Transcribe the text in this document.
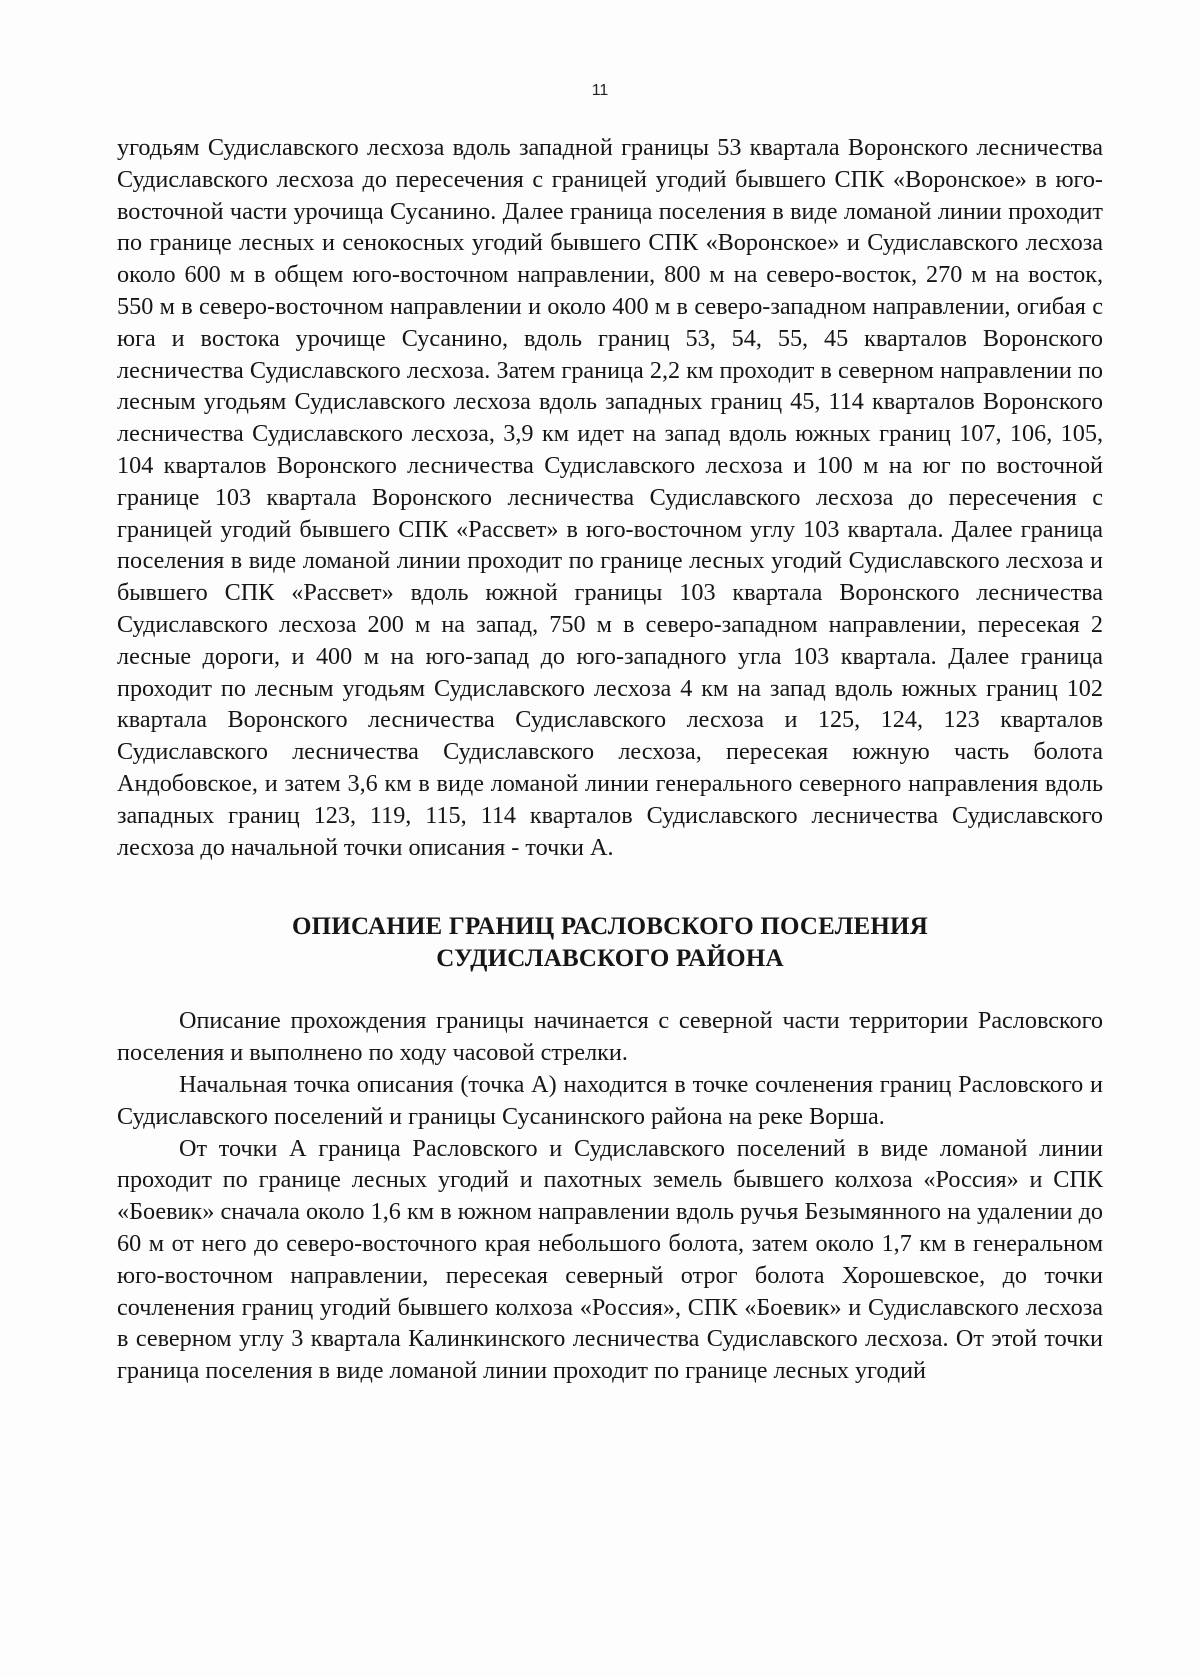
11

угодьям Судиславского лесхоза вдоль западной границы 53 квартала Воронского лесничества Судиславского лесхоза до пересечения с границей угодий бывшего СПК «Воронское» в юго-восточной части урочища Сусанино. Далее граница поселения в виде ломаной линии проходит по границе лесных и сенокосных угодий бывшего СПК «Воронское» и Судиславского лесхоза около 600 м в общем юго-восточном направлении, 800 м на северо-восток, 270 м на восток, 550 м в северо-восточном направлении и около 400 м в северо-западном направлении, огибая с юга и востока урочище Сусанино, вдоль границ 53, 54, 55, 45 кварталов Воронского лесничества Судиславского лесхоза. Затем граница 2,2 км проходит в северном направлении по лесным угодьям Судиславского лесхоза вдоль западных границ 45, 114 кварталов Воронского лесничества Судиславского лесхоза, 3,9 км идет на запад вдоль южных границ 107, 106, 105, 104 кварталов Воронского лесничества Судиславского лесхоза и 100 м на юг по восточной границе 103 квартала Воронского лесничества Судиславского лесхоза до пересечения с границей угодий бывшего СПК «Рассвет» в юго-восточном углу 103 квартала. Далее граница поселения в виде ломаной линии проходит по границе лесных угодий Судиславского лесхоза и бывшего СПК «Рассвет» вдоль южной границы 103 квартала Воронского лесничества Судиславского лесхоза 200 м на запад, 750 м в северо-западном направлении, пересекая 2 лесные дороги, и 400 м на юго-запад до юго-западного угла 103 квартала. Далее граница проходит по лесным угодьям Судиславского лесхоза 4 км на запад вдоль южных границ 102 квартала Воронского лесничества Судиславского лесхоза и 125, 124, 123 кварталов Судиславского лесничества Судиславского лесхоза, пересекая южную часть болота Андобовское, и затем 3,6 км в виде ломаной линии генерального северного направления вдоль западных границ 123, 119, 115, 114 кварталов Судиславского лесничества Судиславского лесхоза до начальной точки описания - точки А.

ОПИСАНИЕ ГРАНИЦ РАСЛОВСКОГО ПОСЕЛЕНИЯ
СУДИСЛАВСКОГО РАЙОНА

Описание прохождения границы начинается с северной части территории Расловского поселения и выполнено по ходу часовой стрелки.

Начальная точка описания (точка А) находится в точке сочленения границ Расловского и Судиславского поселений и границы Сусанинского района на реке Ворша.

От точки А граница Расловского и Судиславского поселений в виде ломаной линии проходит по границе лесных угодий и пахотных земель бывшего колхоза «Россия» и СПК «Боевик» сначала около 1,6 км в южном направлении вдоль ручья Безымянного на удалении до 60 м от него до северо-восточного края небольшого болота, затем около 1,7 км в генеральном юго-восточном направлении, пересекая северный отрог болота Хорошевское, до точки сочленения границ угодий бывшего колхоза «Россия», СПК «Боевик» и Судиславского лесхоза в северном углу 3 квартала Калинкинского лесничества Судиславского лесхоза. От этой точки граница поселения в виде ломаной линии проходит по границе лесных угодий
